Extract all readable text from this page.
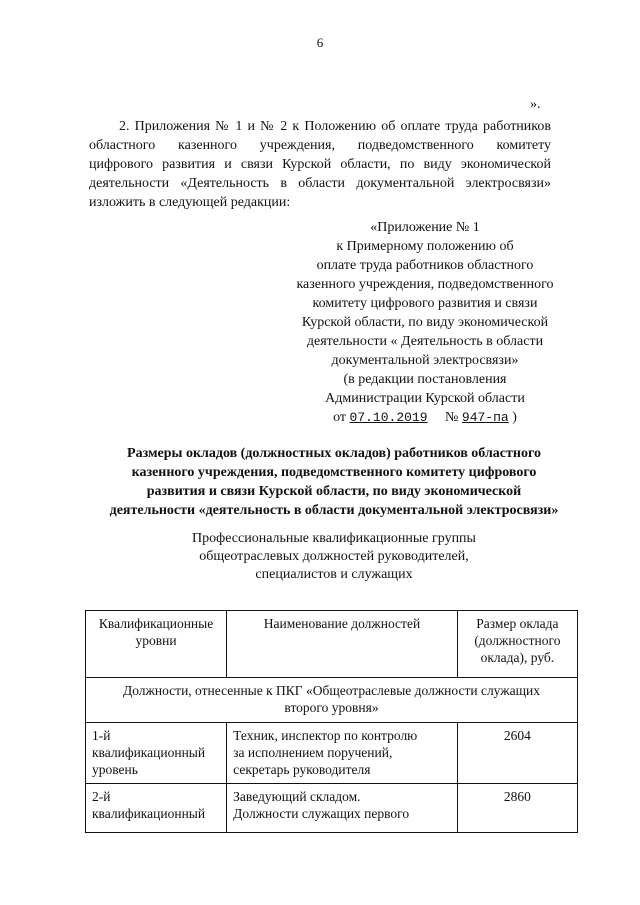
6
».
2. Приложения № 1 и № 2 к Положению об оплате труда работников
областного казенного учреждения, подведомственного комитету
цифрового развития и связи Курской области, по виду экономической
деятельности «Деятельность в области документальной электросвязи»
изложить в следующей редакции:
«Приложение № 1
к Примерному положению об
оплате труда работников областного
казенного учреждения, подведомственного
комитету цифрового развития и связи
Курской области, по виду экономической
деятельности « Деятельность в области
документальной электросвязи»
(в редакции постановления
Администрации Курской области
от 07.10.2019 № 947-па )
Размеры окладов (должностных окладов) работников областного
казенного учреждения, подведомственного комитету цифрового
развития и связи Курской области, по виду экономической
деятельности «деятельность в области документальной электросвязи»
Профессиональные квалификационные группы
общеотраслевых должностей руководителей,
специалистов и служащих
Квалификационные
уровни	Наименование должностей	Размер оклада
(должностного
оклада), руб.

Должности, отнесенные к ПКГ «Общеотраслевые должности служащих
второго уровня»		

1-й
квалификационный
уровень	Техник, инспектор по контролю
за исполнением поручений,
секретарь руководителя	2604

2-й
квалификационный	Заведующий складом.
Должности служащих первого	2860
